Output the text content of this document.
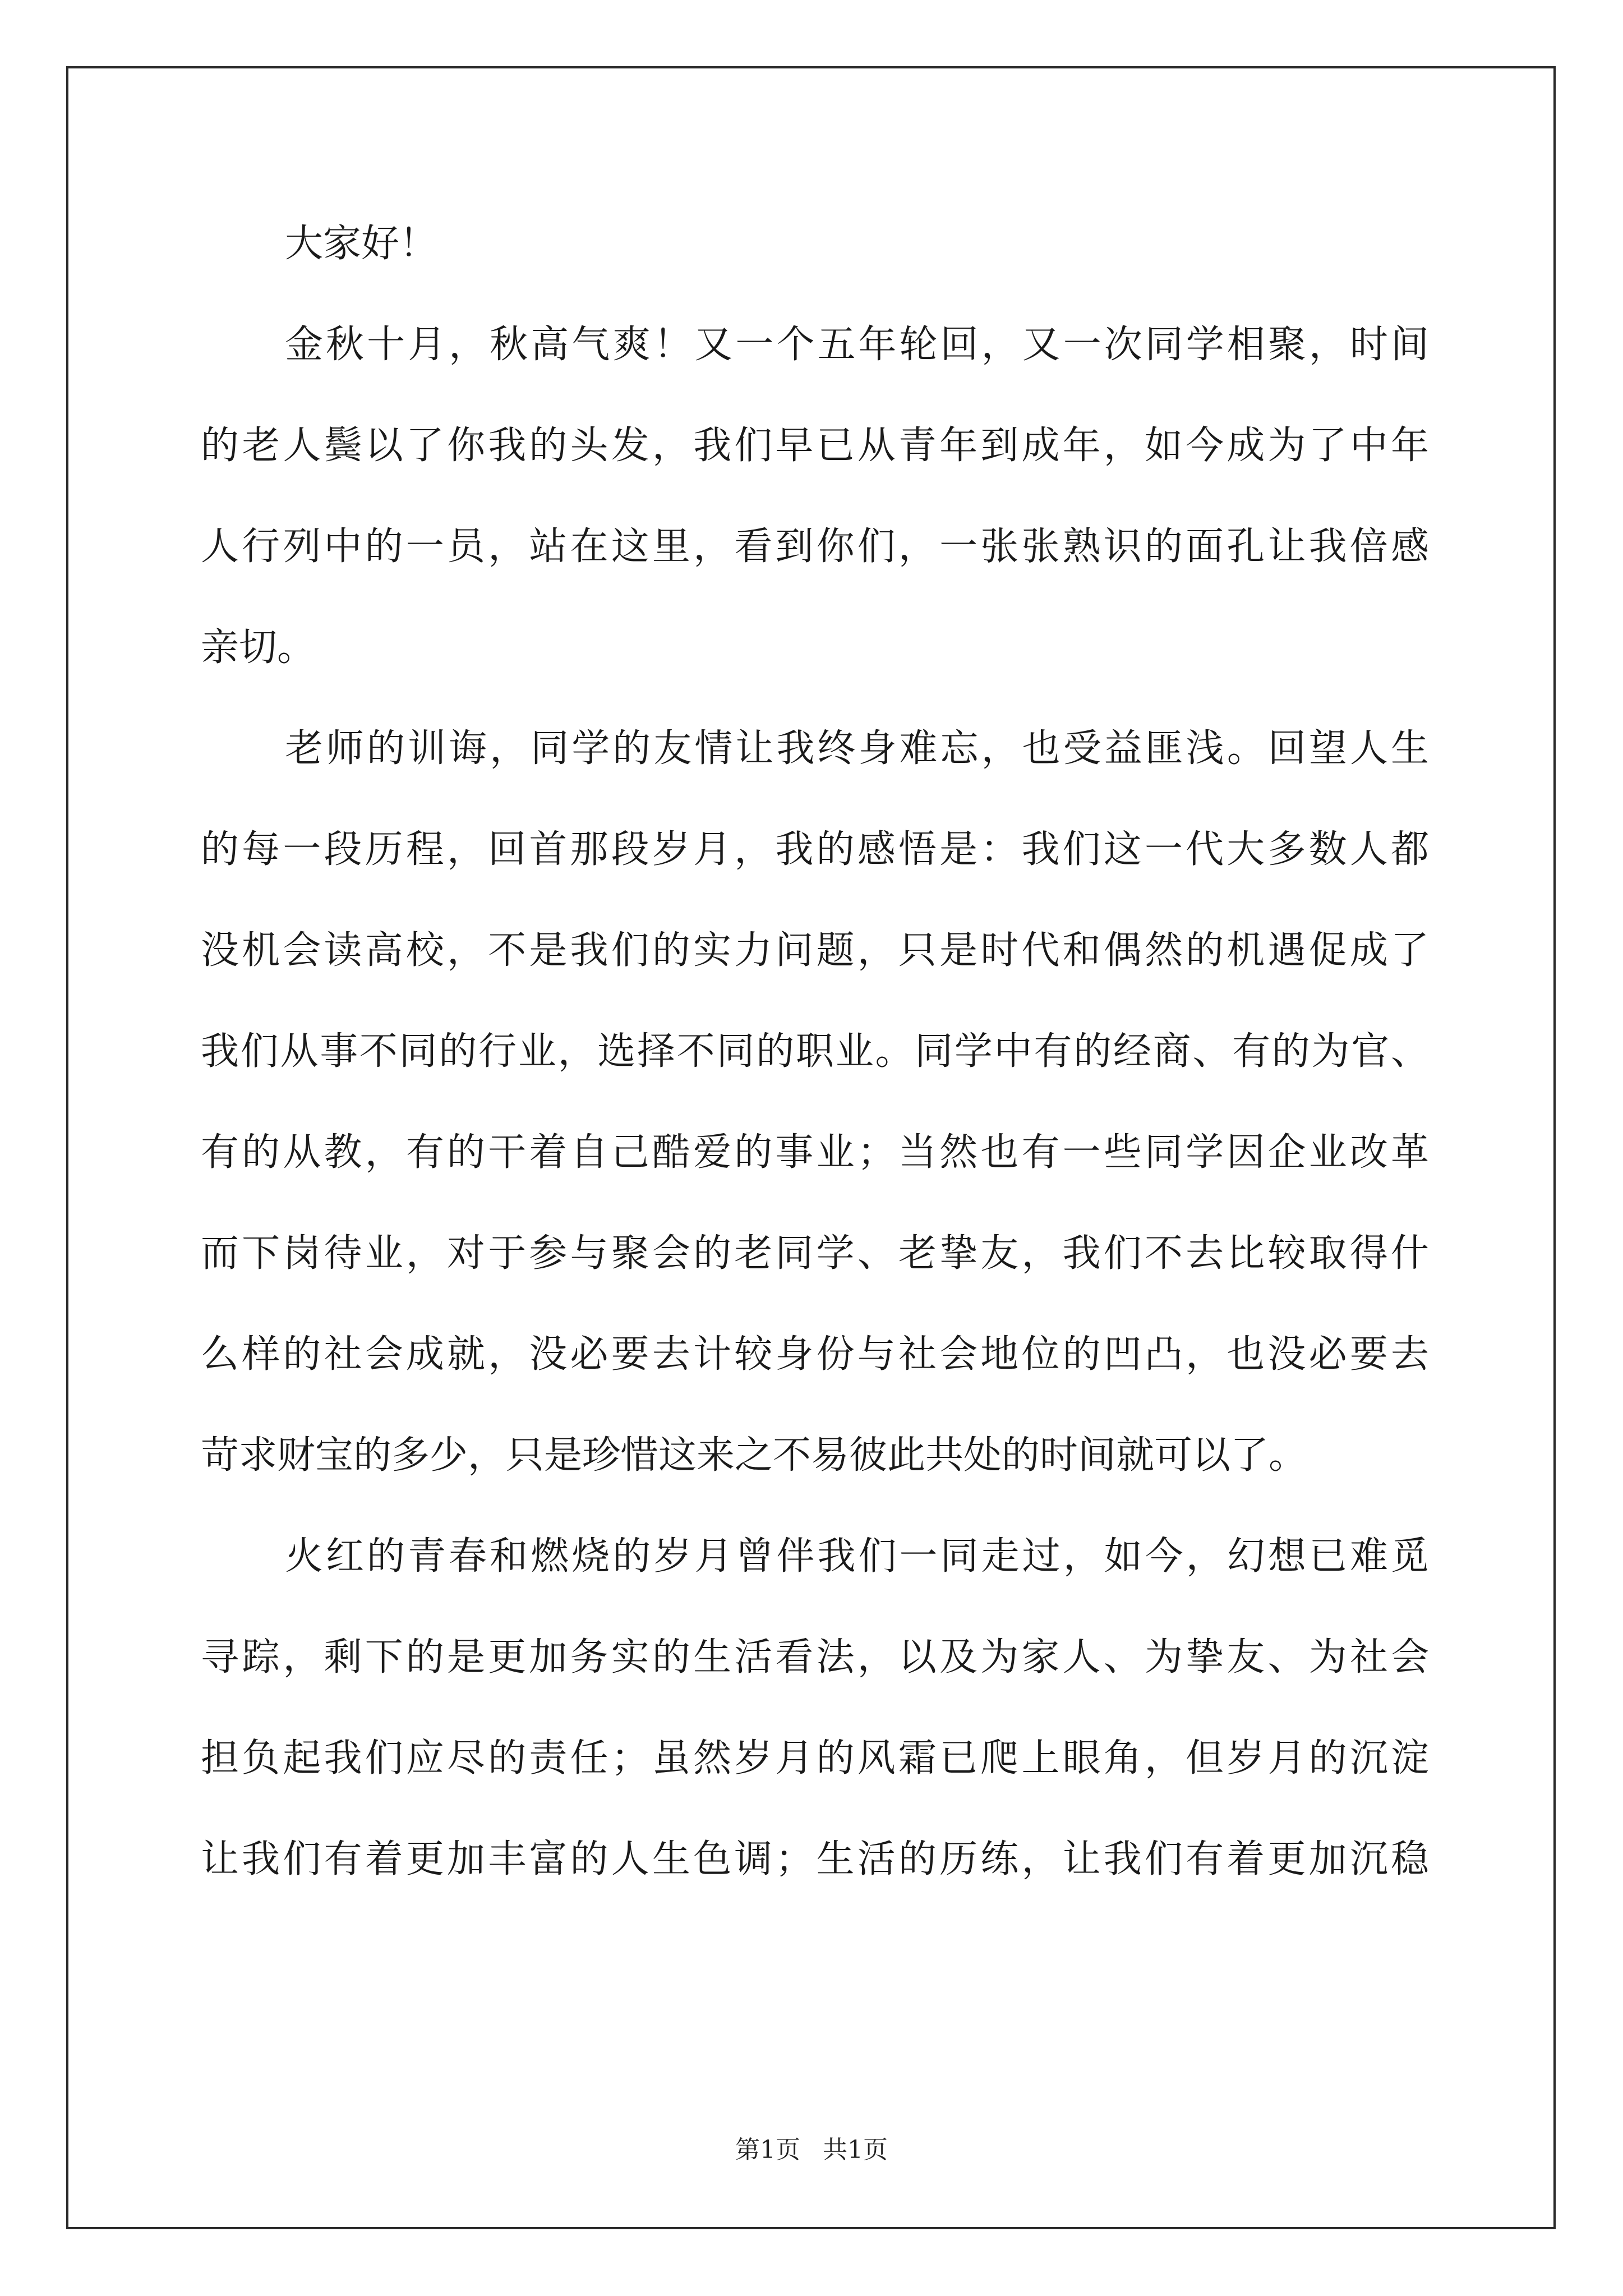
大家好！
金秋十月，秋高气爽！又一个五年轮回，又一次同学相聚，时间
的老人鬓以了你我的头发，我们早已从青年到成年，如今成为了中年
人行列中的一员，站在这里，看到你们，一张张熟识的面孔让我倍感
亲切。
老师的训诲，同学的友情让我终身难忘，也受益匪浅。回望人生
的每一段历程，回首那段岁月，我的感悟是：我们这一代大多数人都
没机会读高校，不是我们的实力问题，只是时代和偶然的机遇促成了
我们从事不同的行业，选择不同的职业。同学中有的经商、有的为官、
有的从教，有的干着自己酷爱的事业；当然也有一些同学因企业改革
而下岗待业，对于参与聚会的老同学、老挚友，我们不去比较取得什
么样的社会成就，没必要去计较身份与社会地位的凹凸，也没必要去
苛求财宝的多少，只是珍惜这来之不易彼此共处的时间就可以了。
火红的青春和燃烧的岁月曾伴我们一同走过，如今，幻想已难觅
寻踪，剩下的是更加务实的生活看法，以及为家人、为挚友、为社会
担负起我们应尽的责任；虽然岁月的风霜已爬上眼角，但岁月的沉淀
让我们有着更加丰富的人生色调；生活的历练，让我们有着更加沉稳
第1页 共1页
